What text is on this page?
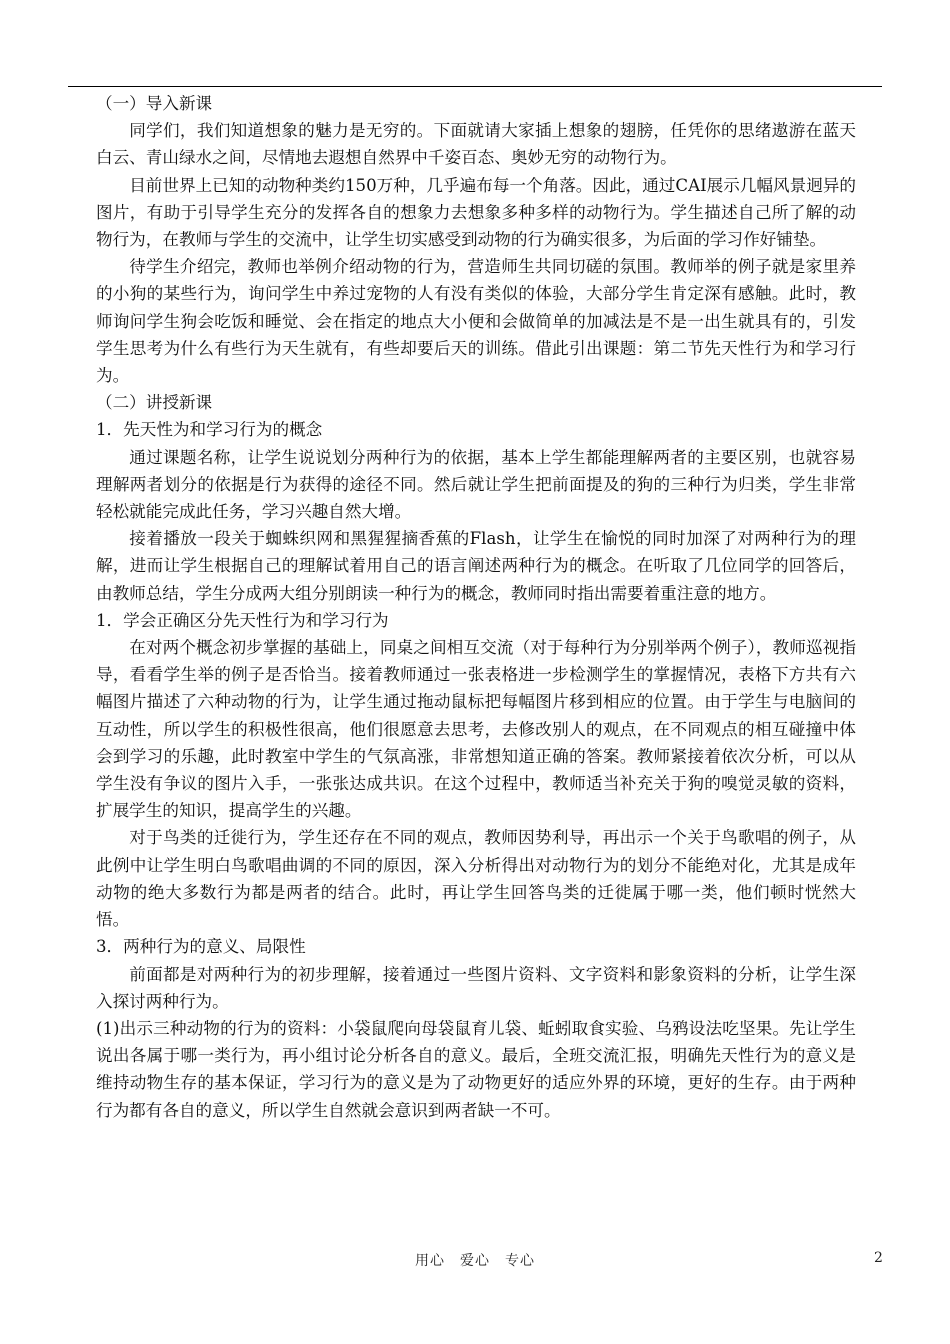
（一）导入新课

同学们，我们知道想象的魅力是无穷的。下面就请大家插上想象的翅膀，任凭你的思绪遨游在蓝天白云、青山绿水之间，尽情地去遐想自然界中千姿百态、奥妙无穷的动物行为。

目前世界上已知的动物种类约150万种，几乎遍布每一个角落。因此，通过CAI展示几幅风景迥异的图片，有助于引导学生充分的发挥各自的想象力去想象多种多样的动物行为。学生描述自己所了解的动物行为，在教师与学生的交流中，让学生切实感受到动物的行为确实很多，为后面的学习作好铺垫。

待学生介绍完，教师也举例介绍动物的行为，营造师生共同切磋的氛围。教师举的例子就是家里养的小狗的某些行为，询问学生中养过宠物的人有没有类似的体验，大部分学生肯定深有感触。此时，教师询问学生狗会吃饭和睡觉、会在指定的地点大小便和会做简单的加减法是不是一出生就具有的，引发学生思考为什么有些行为天生就有，有些却要后天的训练。借此引出课题：第二节先天性行为和学习行为。

（二）讲授新课

1．先天性为和学习行为的概念

通过课题名称，让学生说说划分两种行为的依据，基本上学生都能理解两者的主要区别，也就容易理解两者划分的依据是行为获得的途径不同。然后就让学生把前面提及的狗的三种行为归类，学生非常轻松就能完成此任务，学习兴趣自然大增。

接着播放一段关于蜘蛛织网和黑猩猩摘香蕉的Flash，让学生在愉悦的同时加深了对两种行为的理解，进而让学生根据自己的理解试着用自己的语言阐述两种行为的概念。在听取了几位同学的回答后，由教师总结，学生分成两大组分别朗读一种行为的概念，教师同时指出需要着重注意的地方。

1．学会正确区分先天性行为和学习行为

在对两个概念初步掌握的基础上，同桌之间相互交流（对于每种行为分别举两个例子），教师巡视指导，看看学生举的例子是否恰当。接着教师通过一张表格进一步检测学生的掌握情况，表格下方共有六幅图片描述了六种动物的行为，让学生通过拖动鼠标把每幅图片移到相应的位置。由于学生与电脑间的互动性，所以学生的积极性很高，他们很愿意去思考，去修改别人的观点，在不同观点的相互碰撞中体会到学习的乐趣，此时教室中学生的气氛高涨，非常想知道正确的答案。教师紧接着依次分析，可以从学生没有争议的图片入手，一张张达成共识。在这个过程中，教师适当补充关于狗的嗅觉灵敏的资料，扩展学生的知识，提高学生的兴趣。

对于鸟类的迁徙行为，学生还存在不同的观点，教师因势利导，再出示一个关于鸟歌唱的例子，从此例中让学生明白鸟歌唱曲调的不同的原因，深入分析得出对动物行为的划分不能绝对化，尤其是成年动物的绝大多数行为都是两者的结合。此时，再让学生回答鸟类的迁徙属于哪一类，他们顿时恍然大悟。

3．两种行为的意义、局限性

前面都是对两种行为的初步理解，接着通过一些图片资料、文字资料和影象资料的分析，让学生深入探讨两种行为。

(1)出示三种动物的行为的资料：小袋鼠爬向母袋鼠育儿袋、蚯蚓取食实验、乌鸦设法吃坚果。先让学生说出各属于哪一类行为，再小组讨论分析各自的意义。最后，全班交流汇报，明确先天性行为的意义是维持动物生存的基本保证，学习行为的意义是为了动物更好的适应外界的环境，更好的生存。由于两种行为都有各自的意义，所以学生自然就会意识到两者缺一不可。

用心　爱心　专心	2
